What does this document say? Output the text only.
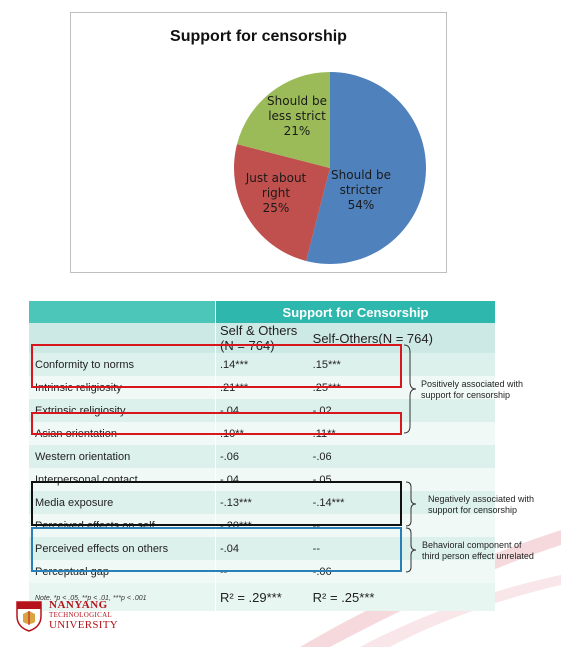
Support for censorship
Should be stricter 54%
Just about right 25%
Should be less strict 21%
	Support for Censorship	
	Self & Others (N = 764)	Self-Others(N = 764)
Conformity to norms	.14***	.15***
Intrinsic religiosity	.21***	.25***
Extrinsic religiosity	-.04	-.02
Asian orientation	.10**	.11**
Western orientation	-.06	-.06
Interpersonal contact	-.04	-.05
Media exposure	-.13***	-.14***
Perceived effects on self	-.20***	--
Perceived effects on others	-.04	--
Perceptual gap	--	-.06
Note. *p < .05, **p < .01, ***p < .001	R² = .29***	R² = .25***
Positively associated with
support for censorship
Negatively associated with
support for censorship
Behavioral component of
third person effect unrelated
NANYANG
TECHNOLOGICAL
UNIVERSITY
